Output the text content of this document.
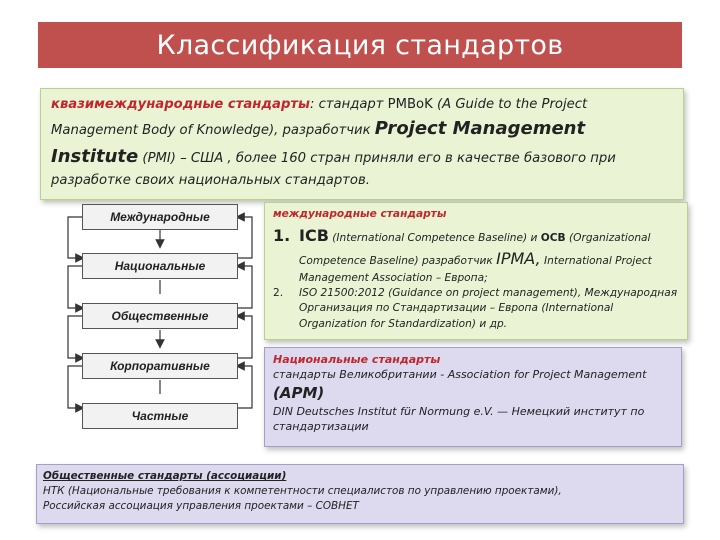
Классификация стандартов
квазимеждународные стандарты: стандарт PMBoK (A Guide to the Project Management Body of Knowledge), разработчик Project Management Institute (PMI) – США , более 160 стран приняли его в качестве базового при разработке своих национальных стандартов.
Международные
Национальные
Общественные
Корпоративные
Частные
международные стандарты
1.	ICB (International Competence Baseline) и OCB (Organizational Competence Baseline) разработчик IPMA, International Project Management Association – Европа;
2.	ISO 21500:2012 (Guidance on project management), Международная Организация по Стандартизации – Европа (International Organization for Standardization) и др.
Национальные стандарты
стандарты Великобритании - Association for Project Management
(APM)
DIN Deutsches Institut für Normung e.V. — Немецкий институт по стандартизации
Общественные стандарты (ассоциации)
НТК (Национальные требования к компетентности специалистов по управлению проектами),
Российская ассоциация управления проектами – СОВНЕТ
